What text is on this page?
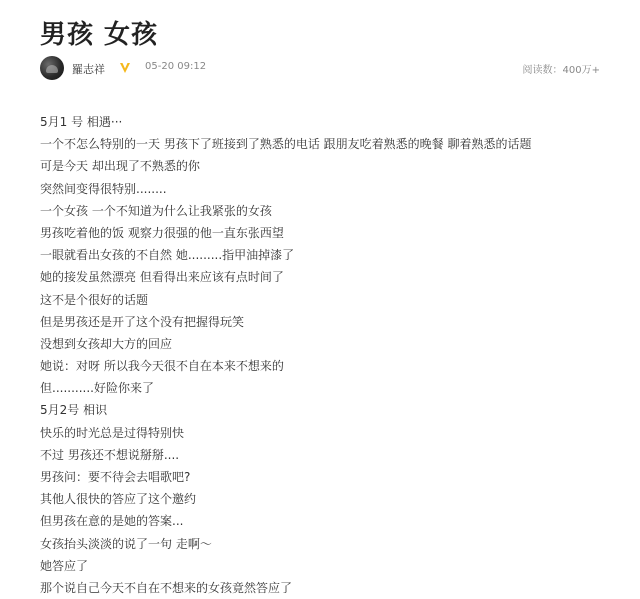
男孩 女孩
羅志祥	05-20 09:12	阅读数：400万+
5月1 号 相遇···
一个不怎么特别的一天 男孩下了班接到了熟悉的电话 跟朋友吃着熟悉的晚餐 聊着熟悉的话题
可是今天 却出现了不熟悉的你
突然间变得很特别........
一个女孩 一个不知道为什么让我紧张的女孩
男孩吃着他的饭 观察力很强的他一直东张西望
一眼就看出女孩的不自然 她.........指甲油掉漆了
她的接发虽然漂亮 但看得出来应该有点时间了
这不是个很好的话题
但是男孩还是开了这个没有把握得玩笑
没想到女孩却大方的回应
她说：对呀 所以我今天很不自在本来不想来的
但...........好险你来了
5月2号 相识
快乐的时光总是过得特别快
不过 男孩还不想说掰掰....
男孩问：要不待会去唱歌吧?
其他人很快的答应了这个邀约
但男孩在意的是她的答案...
女孩抬头淡淡的说了一句 走啊～
她答应了
那个说自己今天不自在不想来的女孩竟然答应了
